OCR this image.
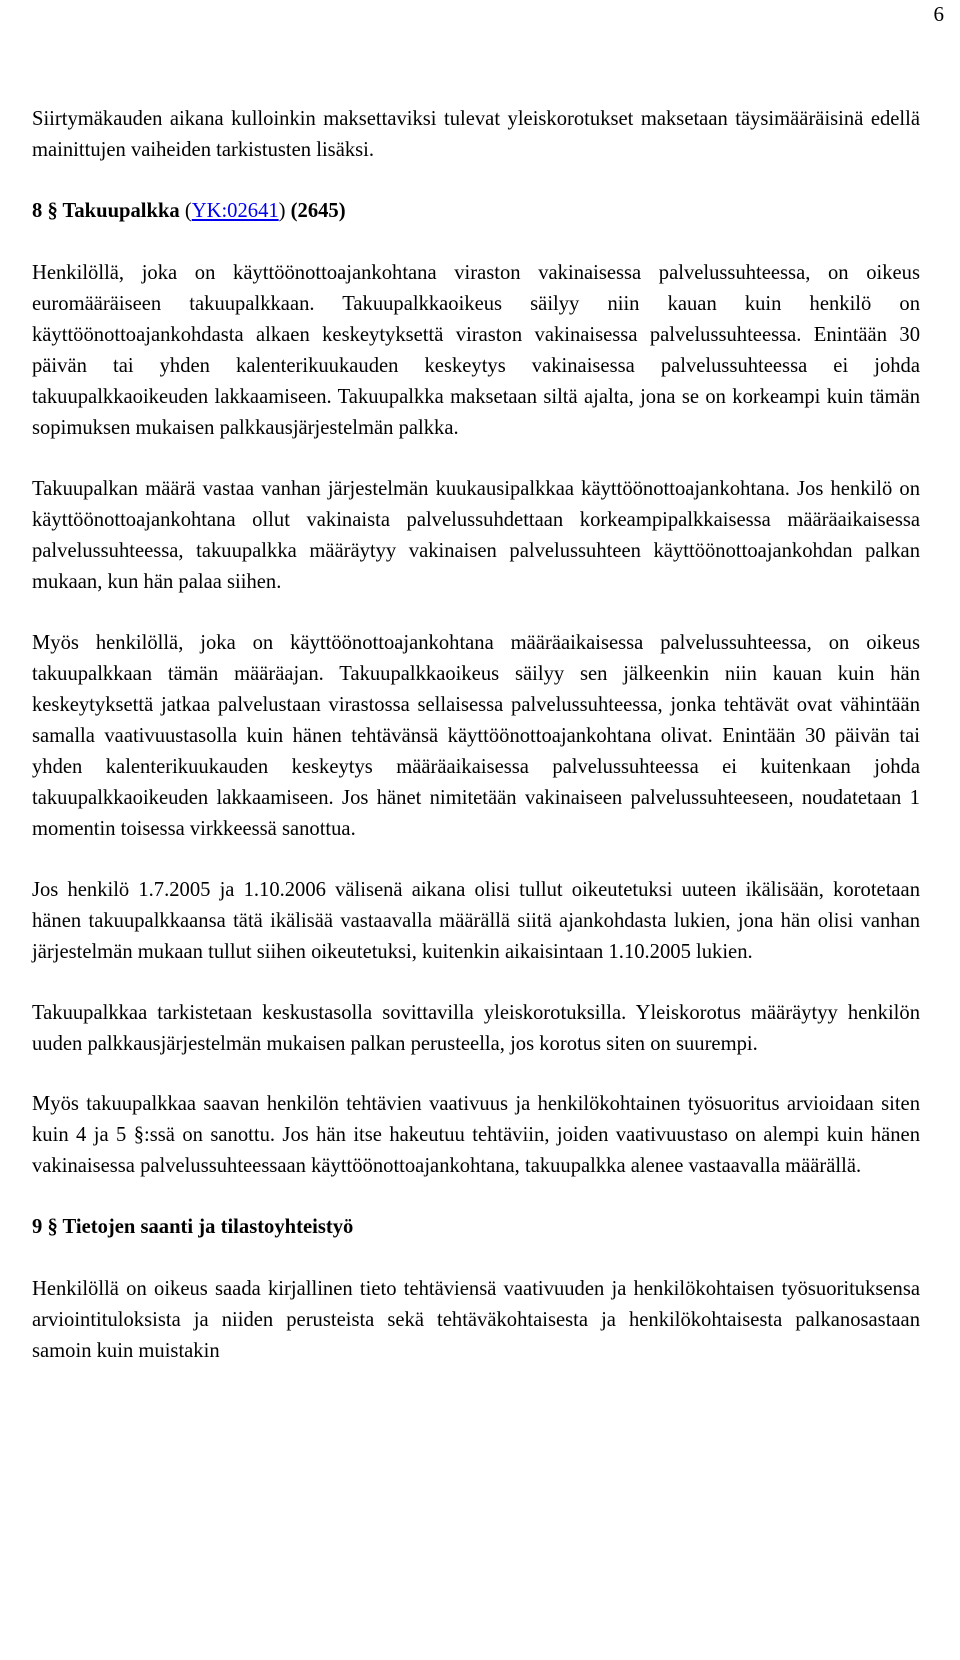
6

Siirtymäkauden aikana kulloinkin maksettaviksi tulevat yleiskorotukset maksetaan täysimääräisinä edellä mainittujen vaiheiden tarkistusten lisäksi.

8 § Takuupalkka (YK:02641) (2645)

Henkilöllä, joka on käyttöönottoajankohtana viraston vakinaisessa palvelussuhteessa, on oikeus euromääräiseen takuupalkkaan. Takuupalkkaoikeus säilyy niin kauan kuin henkilö on käyttöönottoajankohdasta alkaen keskeytyksettä viraston vakinaisessa palvelussuhteessa. Enintään 30 päivän tai yhden kalenterikuukauden keskeytys vakinaisessa palvelussuhteessa ei johda takuupalkkaoikeuden lakkaamiseen. Takuupalkka maksetaan siltä ajalta, jona se on korkeampi kuin tämän sopimuksen mukaisen palkkausjärjestelmän palkka.

Takuupalkan määrä vastaa vanhan järjestelmän kuukausipalkkaa käyttöönottoajankohtana. Jos henkilö on käyttöönottoajankohtana ollut vakinaista palvelussuhdettaan korkeampipalkkaisessa määräaikaisessa palvelussuhteessa, takuupalkka määräytyy vakinaisen palvelussuhteen käyttöönottoajankohdan palkan mukaan, kun hän palaa siihen.

Myös henkilöllä, joka on käyttöönottoajankohtana määräaikaisessa palvelussuhteessa, on oikeus takuupalkkaan tämän määräajan. Takuupalkkaoikeus säilyy sen jälkeenkin niin kauan kuin hän keskeytyksettä jatkaa palvelustaan virastossa sellaisessa palvelussuhteessa, jonka tehtävät ovat vähintään samalla vaativuustasolla kuin hänen tehtävänsä käyttöönottoajankohtana olivat. Enintään 30 päivän tai yhden kalenterikuukauden keskeytys määräaikaisessa palvelussuhteessa ei kuitenkaan johda takuupalkkaoikeuden lakkaamiseen. Jos hänet nimitetään vakinaiseen palvelussuhteeseen, noudatetaan 1 momentin toisessa virkkeessä sanottua.

Jos henkilö 1.7.2005 ja 1.10.2006 välisenä aikana olisi tullut oikeutetuksi uuteen ikälisään, korotetaan hänen takuupalkkaansa tätä ikälisää vastaavalla määrällä siitä ajankohdasta lukien, jona hän olisi vanhan järjestelmän mukaan tullut siihen oikeutetuksi, kuitenkin aikaisintaan 1.10.2005 lukien.

Takuupalkkaa tarkistetaan keskustasolla sovittavilla yleiskorotuksilla. Yleiskorotus määräytyy henkilön uuden palkkausjärjestelmän mukaisen palkan perusteella, jos korotus siten on suurempi.

Myös takuupalkkaa saavan henkilön tehtävien vaativuus ja henkilökohtainen työsuoritus arvioidaan siten kuin 4 ja 5 §:ssä on sanottu. Jos hän itse hakeutuu tehtäviin, joiden vaativuustaso on alempi kuin hänen vakinaisessa palvelussuhteessaan käyttöönottoajankohtana, takuupalkka alenee vastaavalla määrällä.

9 § Tietojen saanti ja tilastoyhteistyö

Henkilöllä on oikeus saada kirjallinen tieto tehtäviensä vaativuuden ja henkilökohtaisen työsuorituksensa arviointituloksista ja niiden perusteista sekä tehtäväkohtaisesta ja henkilökohtaisesta palkanosastaan samoin kuin muistakin
